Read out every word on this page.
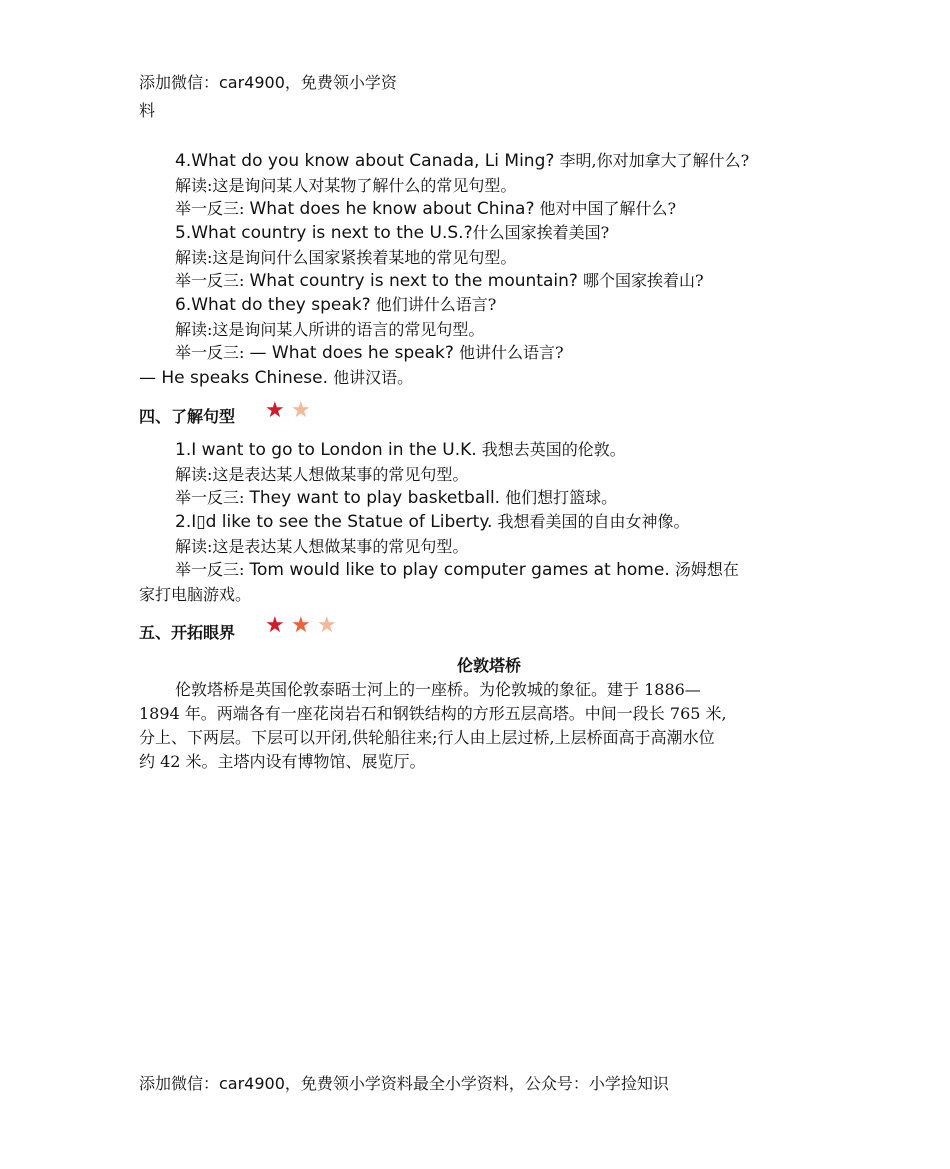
添加微信：car4900，免费领小学资
料
4.What do you know about Canada, Li Ming? 李明,你对加拿大了解什么?
解读:这是询问某人对某物了解什么的常见句型。
举一反三: What does he know about China? 他对中国了解什么?
5.What country is next to the U.S.?什么国家挨着美国?
解读:这是询问什么国家紧挨着某地的常见句型。
举一反三: What country is next to the mountain? 哪个国家挨着山?
6.What do they speak? 他们讲什么语言?
解读:这是询问某人所讲的语言的常见句型。
举一反三: — What does he speak? 他讲什么语言?
— He speaks Chinese. 他讲汉语。
四、了解句型 ★ ★
1.I want to go to London in the U.K. 我想去英国的伦敦。
解读:这是表达某人想做某事的常见句型。
举一反三: They want to play basketball. 他们想打篮球。
2.I▯d like to see the Statue of Liberty. 我想看美国的自由女神像。
解读:这是表达某人想做某事的常见句型。
举一反三: Tom would like to play computer games at home. 汤姆想在
家打电脑游戏。
五、开拓眼界 ★ ★ ★
伦敦塔桥
伦敦塔桥是英国伦敦泰晤士河上的一座桥。为伦敦城的象征。建于 1886—
1894 年。两端各有一座花岗岩石和钢铁结构的方形五层高塔。中间一段长 765 米,
分上、下两层。下层可以开闭,供轮船往来;行人由上层过桥,上层桥面高于高潮水位
约 42 米。主塔内设有博物馆、展览厅。
添加微信：car4900，免费领小学资料最全小学资料，公众号：小学捡知识
